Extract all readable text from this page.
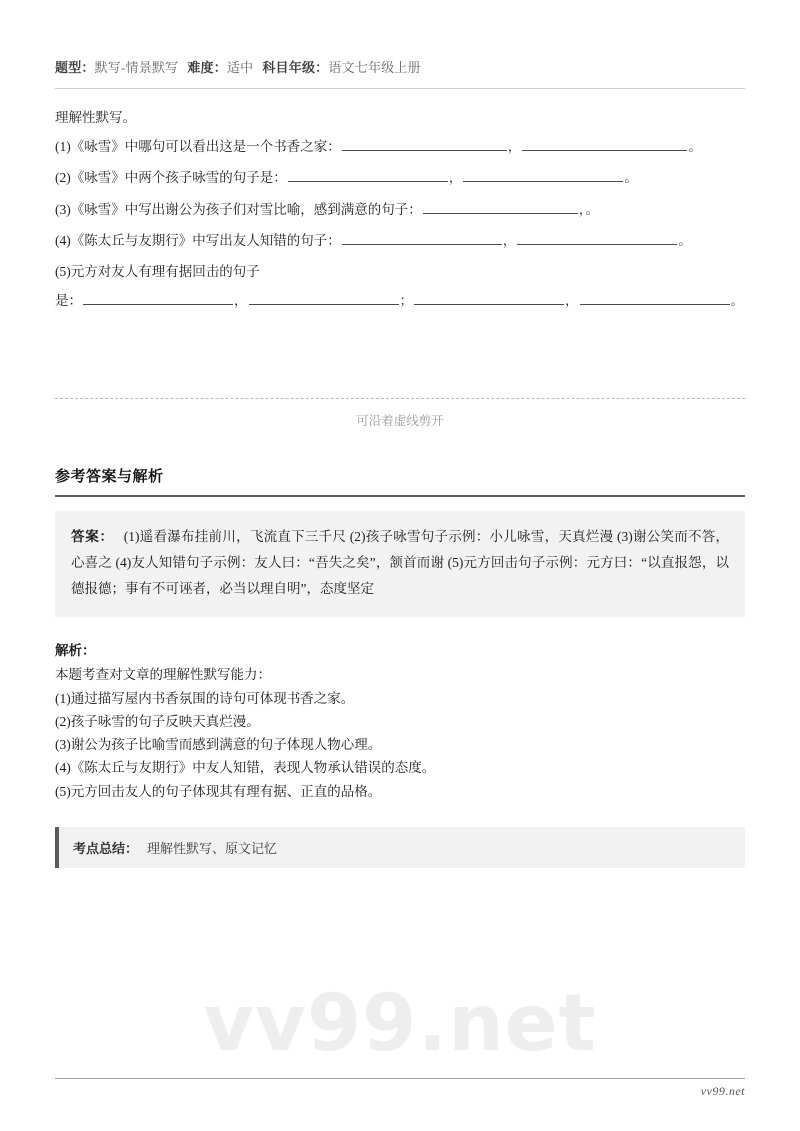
vv99.net
题型：默写-情景默写 难度：适中 科目年级：语文七年级上册
理解性默写。
(1)《咏雪》中哪句可以看出这是一个书香之家：	，	。
(2)《咏雪》中两个孩子咏雪的句子是：	，	。
(3)《咏雪》中写出谢公为孩子们对雪比喻，感到满意的句子：	，。
(4)《陈太丘与友期行》中写出友人知错的句子：	，	。
(5)元方对友人有理有据回击的句子
是：	，	；	，	。
可沿着虚线剪开
参考答案与解析
答案： (1)遥看瀑布挂前川，飞流直下三千尺 (2)孩子咏雪句子示例：小儿咏雪，天真烂漫 (3)谢公笑而不答，心喜之 (4)友人知错句子示例：友人曰：“吾失之矣”，颔首而谢 (5)元方回击句子示例：元方曰：“以直报怨，以德报德；事有不可诬者，必当以理自明”，态度坚定
解析：

本题考查对文章的理解性默写能力：

(1)通过描写屋内书香氛围的诗句可体现书香之家。

(2)孩子咏雪的句子反映天真烂漫。

(3)谢公为孩子比喻雪而感到满意的句子体现人物心理。

(4)《陈太丘与友期行》中友人知错，表现人物承认错误的态度。

(5)元方回击友人的句子体现其有理有据、正直的品格。

考点总结： 理解性默写、原文记忆
vv99.net
